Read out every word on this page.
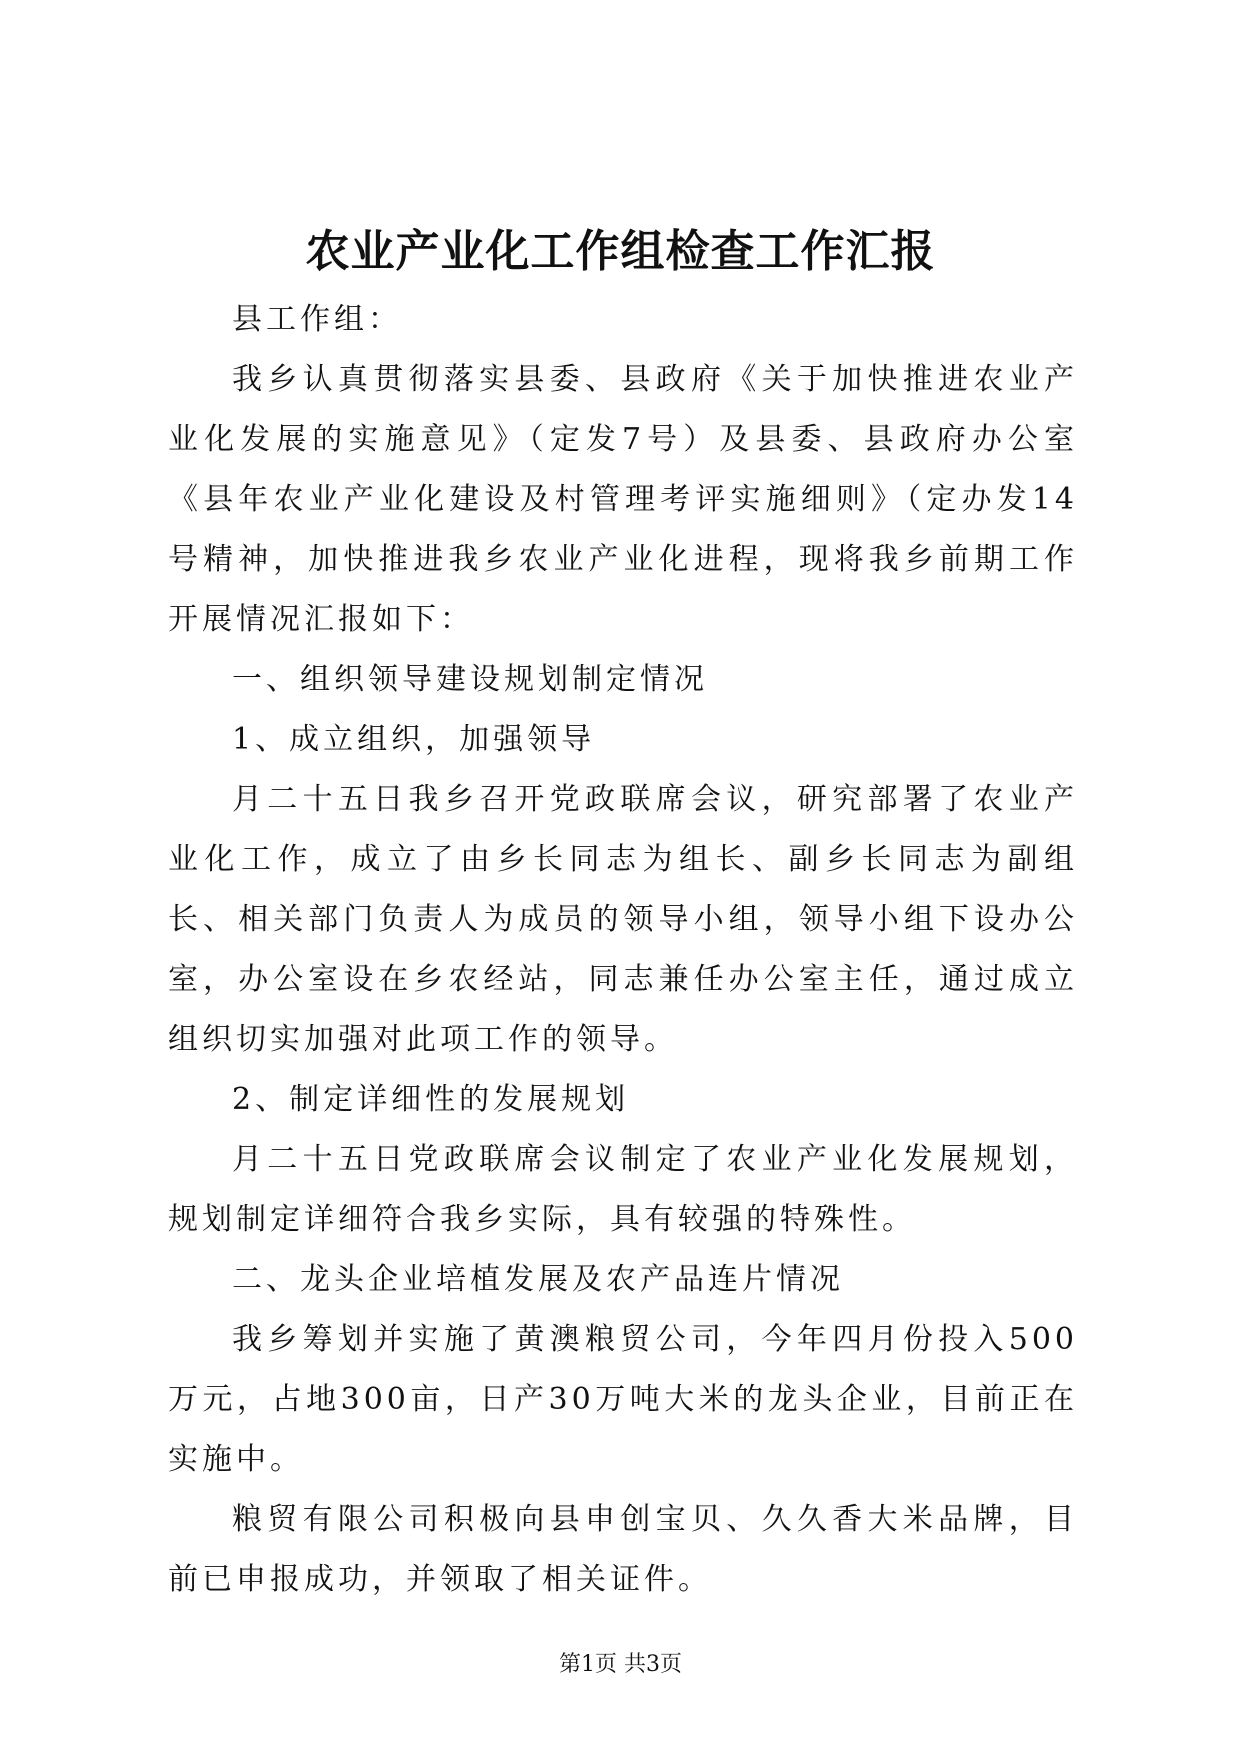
农业产业化工作组检查工作汇报

县工作组：

我乡认真贯彻落实县委、县政府《关于加快推进农业产业化发展的实施意见》（定发7号）及县委、县政府办公室《县年农业产业化建设及村管理考评实施细则》（定办发14号精神，加快推进我乡农业产业化进程，现将我乡前期工作开展情况汇报如下：

一、组织领导建设规划制定情况

1、成立组织，加强领导

月二十五日我乡召开党政联席会议，研究部署了农业产业化工作，成立了由乡长同志为组长、副乡长同志为副组长、相关部门负责人为成员的领导小组，领导小组下设办公室，办公室设在乡农经站，同志兼任办公室主任，通过成立组织切实加强对此项工作的领导。

2、制定详细性的发展规划

月二十五日党政联席会议制定了农业产业化发展规划，规划制定详细符合我乡实际，具有较强的特殊性。

二、龙头企业培植发展及农产品连片情况

我乡筹划并实施了黄澳粮贸公司，今年四月份投入500万元，占地300亩，日产30万吨大米的龙头企业，目前正在实施中。

粮贸有限公司积极向县申创宝贝、久久香大米品牌，目前已申报成功，并领取了相关证件。

第1页 共3页
